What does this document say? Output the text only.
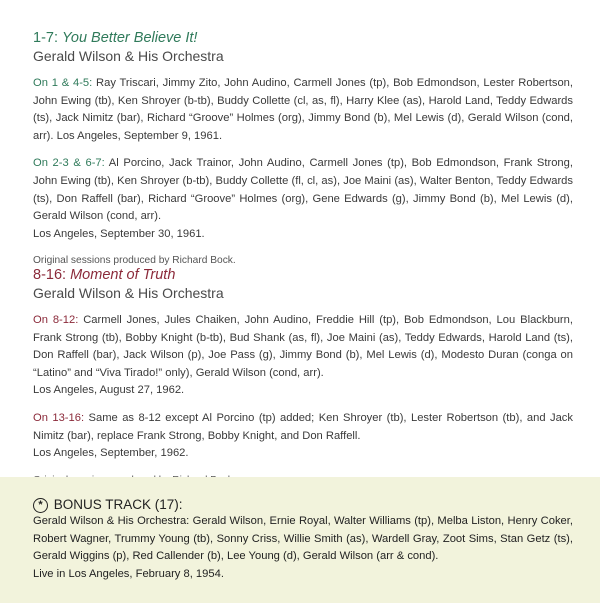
1-7: You Better Believe It!
Gerald Wilson & His Orchestra

On 1 & 4-5: Ray Triscari, Jimmy Zito, John Audino, Carmell Jones (tp), Bob Edmondson, Lester Robertson, John Ewing (tb), Ken Shroyer (b-tb), Buddy Collette (cl, as, fl), Harry Klee (as), Harold Land, Teddy Edwards (ts), Jack Nimitz (bar), Richard “Groove” Holmes (org), Jimmy Bond (b), Mel Lewis (d), Gerald Wilson (cond, arr). Los Angeles, September 9, 1961.

On 2-3 & 6-7: Al Porcino, Jack Trainor, John Audino, Carmell Jones (tp), Bob Edmondson, Frank Strong, John Ewing (tb), Ken Shroyer (b-tb), Buddy Collette (fl, cl, as), Joe Maini (as), Walter Benton, Teddy Edwards (ts), Don Raffell (bar), Richard “Groove” Holmes (org), Gene Edwards (g), Jimmy Bond (b), Mel Lewis (d), Gerald Wilson (cond, arr).
Los Angeles, September 30, 1961.

Original sessions produced by Richard Bock.

8-16: Moment of Truth
Gerald Wilson & His Orchestra

On 8-12: Carmell Jones, Jules Chaiken, John Audino, Freddie Hill (tp), Bob Edmondson, Lou Blackburn, Frank Strong (tb), Bobby Knight (b-tb), Bud Shank (as, fl), Joe Maini (as), Teddy Edwards, Harold Land (ts), Don Raffell (bar), Jack Wilson (p), Joe Pass (g), Jimmy Bond (b), Mel Lewis (d), Modesto Duran (conga on “Latino” and “Viva Tirado!” only), Gerald Wilson (cond, arr).
Los Angeles, August 27, 1962.

On 13-16: Same as 8-12 except Al Porcino (tp) added; Ken Shroyer (tb), Lester Robertson (tb), and Jack Nimitz (bar), replace Frank Strong, Bobby Knight, and Don Raffell.
Los Angeles, September, 1962.

* BONUS TRACK (17):

Gerald Wilson & His Orchestra: Gerald Wilson, Ernie Royal, Walter Williams (tp), Melba Liston, Henry Coker, Robert Wagner, Trummy Young (tb), Sonny Criss, Willie Smith (as), Wardell Gray, Zoot Sims, Stan Getz (ts), Gerald Wiggins (p), Red Callender (b), Lee Young (d), Gerald Wilson (arr & cond).
Live in Los Angeles, February 8, 1954.
